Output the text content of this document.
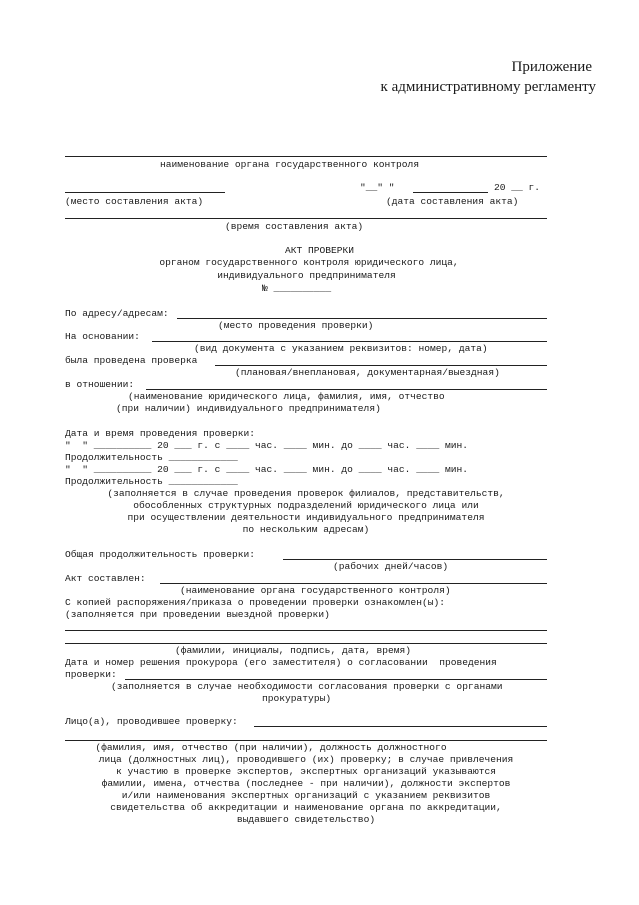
Приложение
к административному регламенту
наименование органа государственного контроля
"__" "	20 __ г.
(место составления акта)	(дата составления акта)
(время составления акта)
АКТ ПРОВЕРКИ
органом государственного контроля юридического лица,
индивидуального предпринимателя
№ __________
По адресу/адресам:
(место проведения проверки)
На основании:
(вид документа с указанием реквизитов: номер, дата)
была проведена проверка
(плановая/внеплановая, документарная/выездная)
в отношении:
(наименование юридического лица, фамилия, имя, отчество
(при наличии) индивидуального предпринимателя)
Дата и время проведения проверки:
"  " __________ 20 ___ г. с ____ час. ____ мин. до ____ час. ____ мин.
Продолжительность ____________
"  " __________ 20 ___ г. с ____ час. ____ мин. до ____ час. ____ мин.
Продолжительность ____________
(заполняется в случае проведения проверок филиалов, представительств,
обособленных структурных подразделений юридического лица или
при осуществлении деятельности индивидуального предпринимателя
по нескольким адресам)
Общая продолжительность проверки:
(рабочих дней/часов)
Акт составлен:
(наименование органа государственного контроля)
С копией распоряжения/приказа о проведении проверки ознакомлен(ы):
(заполняется при проведении выездной проверки)
(фамилии, инициалы, подпись, дата, время)
Дата и номер решения прокурора (его заместителя) о согласовании  проведения
проверки:
(заполняется в случае необходимости согласования проверки с органами
прокуратуры)
Лицо(а), проводившее проверку:
(фамилия, имя, отчество (при наличии), должность должностного
лица (должностных лиц), проводившего (их) проверку; в случае привлечения
к участию в проверке экспертов, экспертных организаций указываются
фамилии, имена, отчества (последнее - при наличии), должности экспертов
и/или наименования экспертных организаций с указанием реквизитов
свидетельства об аккредитации и наименование органа по аккредитации,
выдавшего свидетельство)
